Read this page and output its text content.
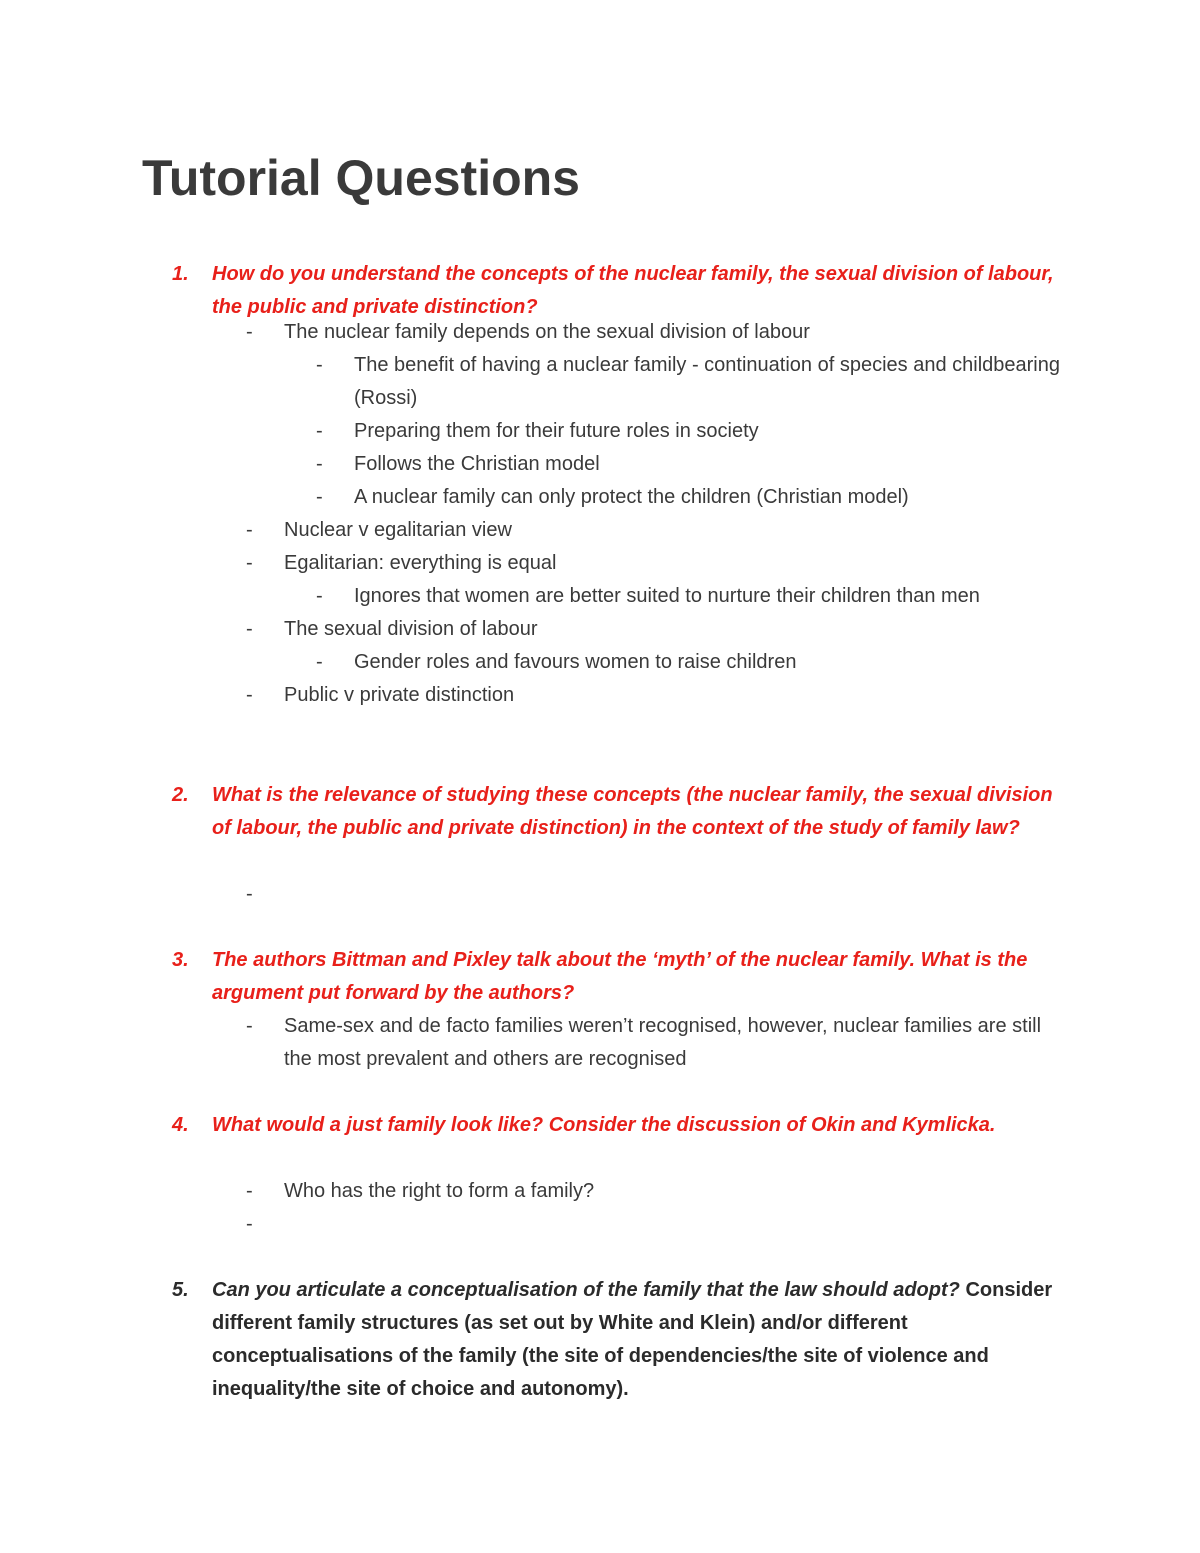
Tutorial Questions
1. How do you understand the concepts of the nuclear family, the sexual division of labour, the public and private distinction?
- The nuclear family depends on the sexual division of labour
- The benefit of having a nuclear family - continuation of species and childbearing (Rossi)
- Preparing them for their future roles in society
- Follows the Christian model
- A nuclear family can only protect the children (Christian model)
- Nuclear v egalitarian view
- Egalitarian: everything is equal
- Ignores that women are better suited to nurture their children than men
- The sexual division of labour
- Gender roles and favours women to raise children
- Public v private distinction
2. What is the relevance of studying these concepts (the nuclear family, the sexual division of labour, the public and private distinction) in the context of the study of family law?
-

3. The authors Bittman and Pixley talk about the ‘myth’ of the nuclear family. What is the argument put forward by the authors?
- Same-sex and de facto families weren’t recognised, however, nuclear families are still the most prevalent and others are recognised
4. What would a just family look like? Consider the discussion of Okin and Kymlicka.
- Who has the right to form a family?
-

5. Can you articulate a conceptualisation of the family that the law should adopt? Consider different family structures (as set out by White and Klein) and/or different conceptualisations of the family (the site of dependencies/the site of violence and inequality/the site of choice and autonomy).
